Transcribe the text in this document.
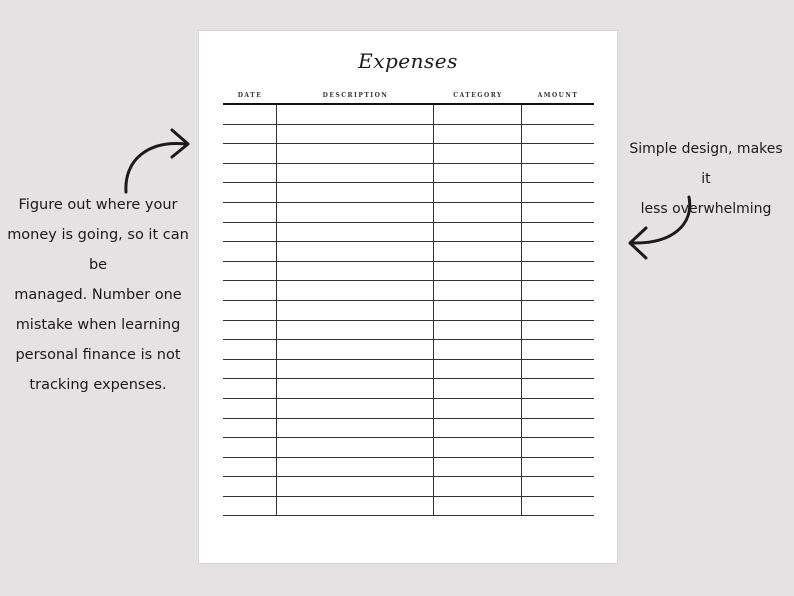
Expenses
DATE	DESCRIPTION	CATEGORY	AMOUNT
Figure out where your
money is going, so it can be
managed. Number one
mistake when learning
personal finance is not
tracking expenses.
Simple design, makes it
less overwhelming
